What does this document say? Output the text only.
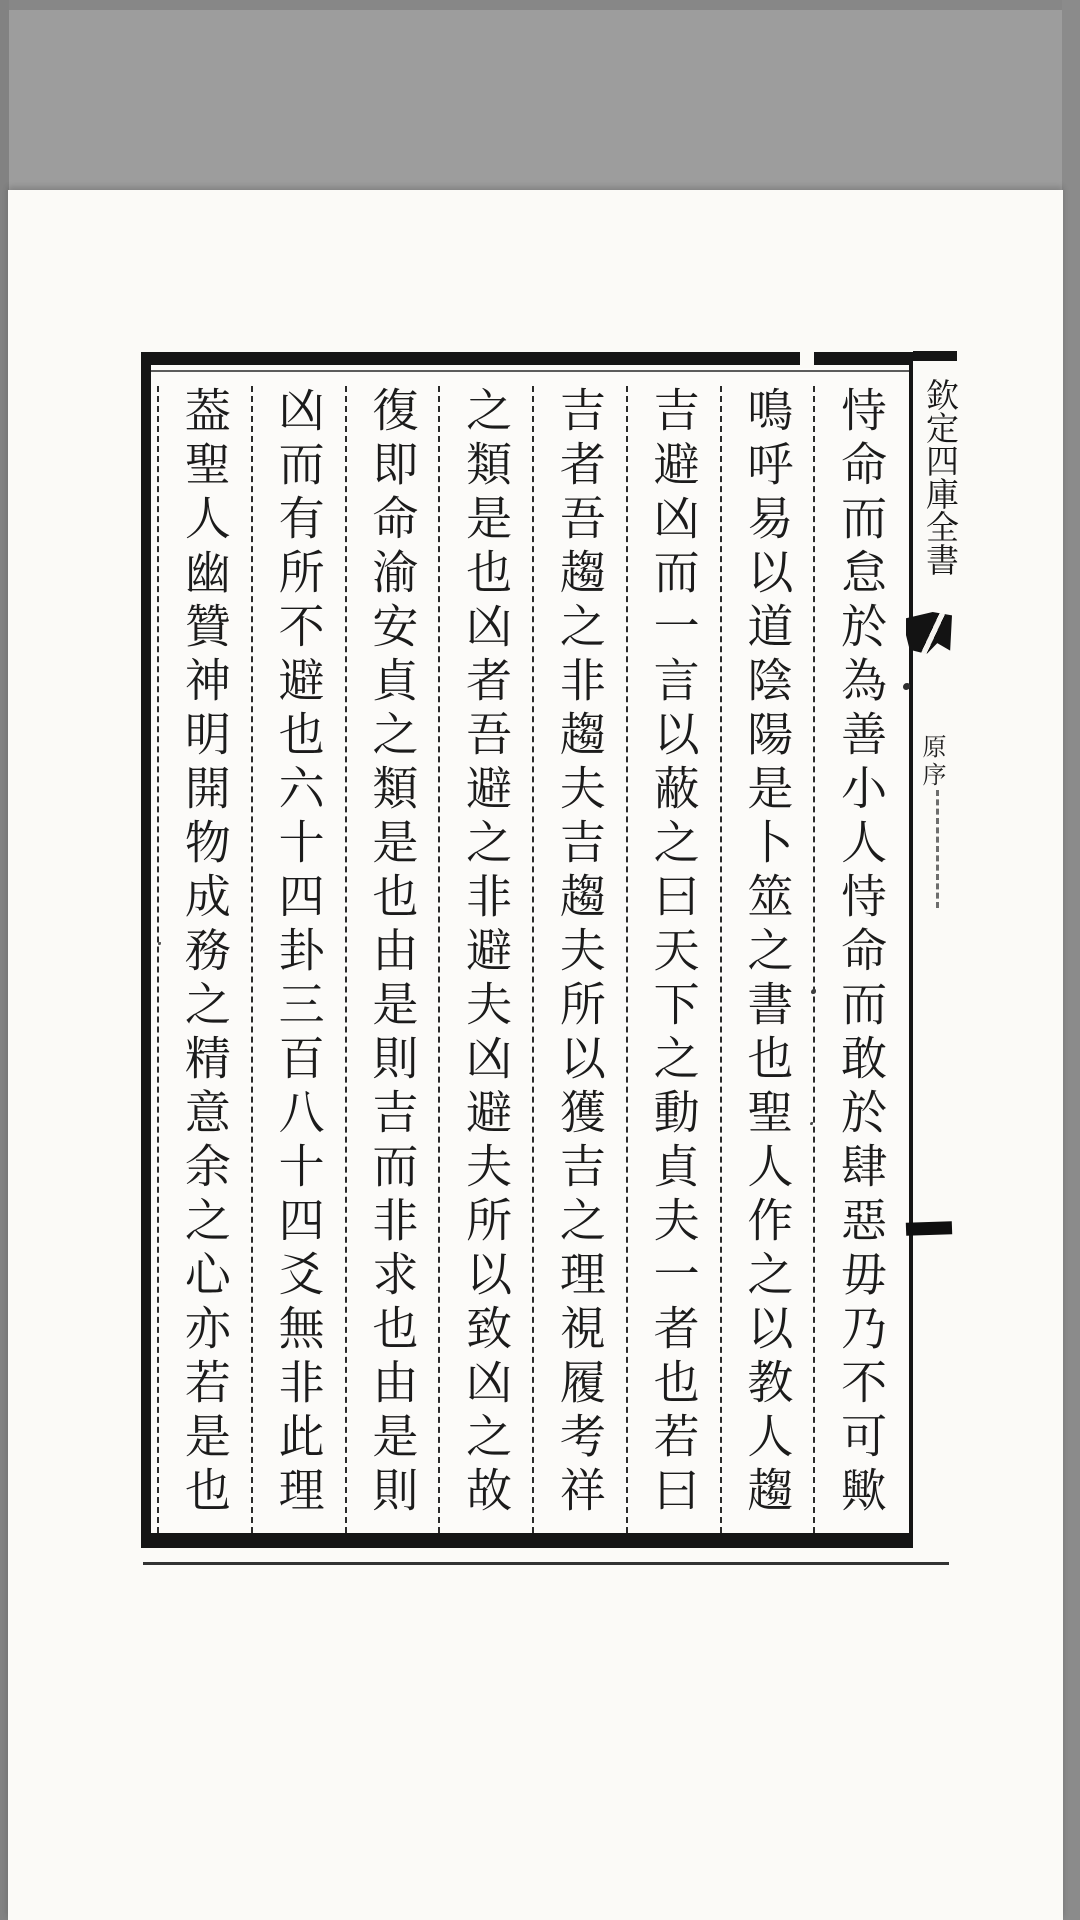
恃命而怠於為善小人恃命而敢於肆惡毋乃不可歟
鳴呼易以道陰陽是卜筮之書也聖人作之以教人趨
吉避凶而一言以蔽之曰天下之動貞夫一者也若曰
吉者吾趨之非趨夫吉趨夫所以獲吉之理視履考祥
之類是也凶者吾避之非避夫凶避夫所以致凶之故
復即命渝安貞之類是也由是則吉而非求也由是則
凶而有所不避也六十四卦三百八十四爻無非此理
葢聖人幽贊神明開物成務之精意余之心亦若是也	欽定四庫全書
原序
